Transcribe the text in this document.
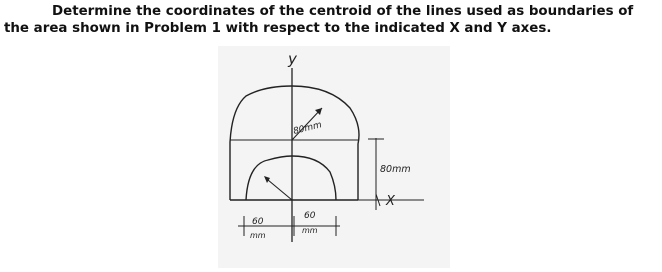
Determine the coordinates of the centroid of the lines used as boundaries of the area shown in Problem 1 with respect to the indicated X and Y axes.

y
80mm
80mm
X
60
mm
60
mm
